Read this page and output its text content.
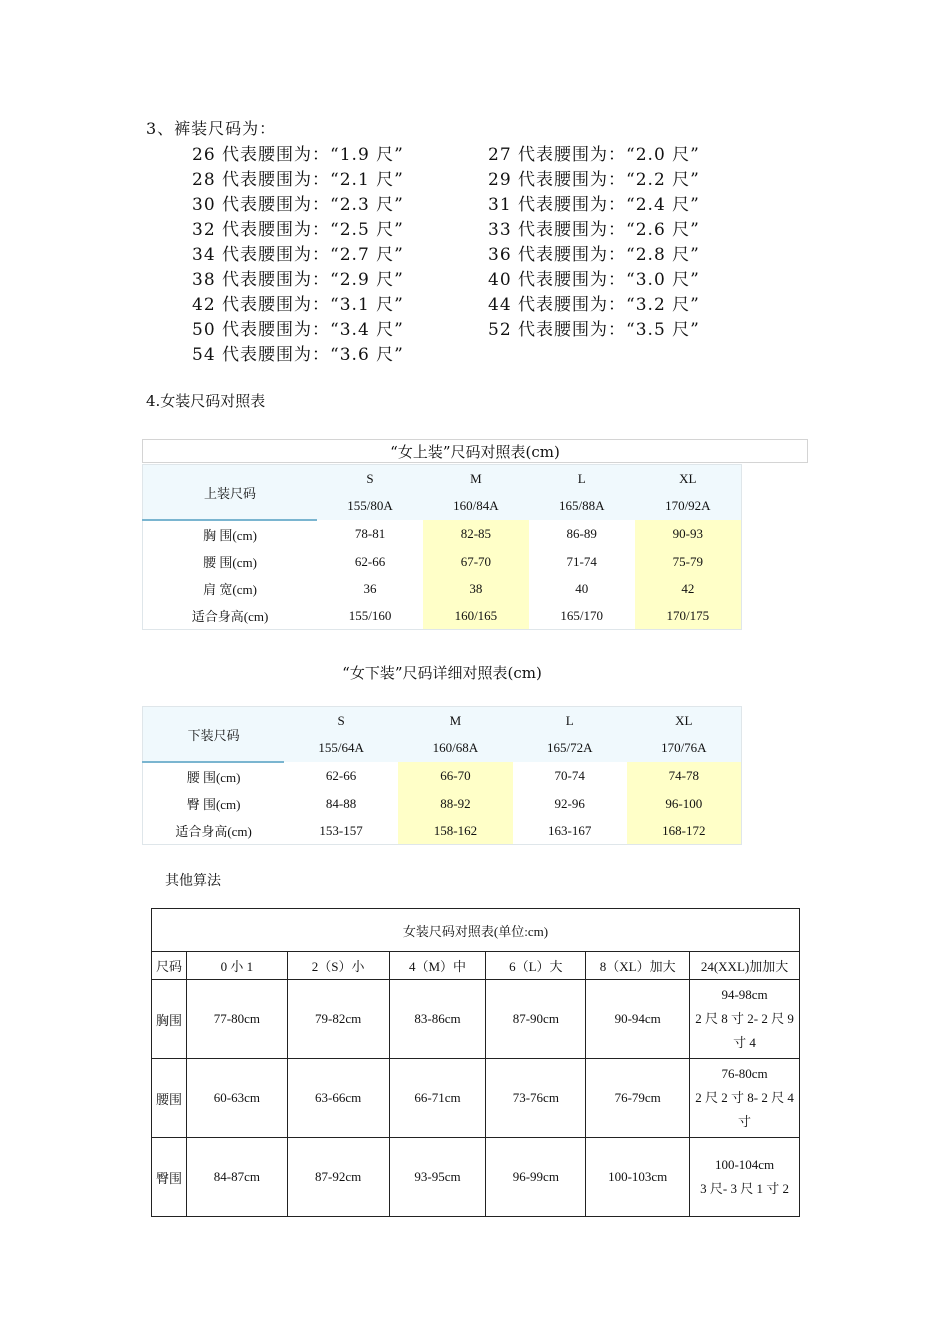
3、裤装尺码为：
26 代表腰围为：“1.9 尺”	27 代表腰围为：“2.0 尺”
28 代表腰围为：“2.1 尺”	29 代表腰围为：“2.2 尺”
30 代表腰围为：“2.3 尺”	31 代表腰围为：“2.4 尺”
32 代表腰围为：“2.5 尺”	33 代表腰围为：“2.6 尺”
34 代表腰围为：“2.7 尺”	36 代表腰围为：“2.8 尺”
38 代表腰围为：“2.9 尺”	40 代表腰围为：“3.0 尺”
42 代表腰围为：“3.1 尺”	44 代表腰围为：“3.2 尺”
50 代表腰围为：“3.4 尺”	52 代表腰围为：“3.5 尺”
54 代表腰围为：“3.6 尺”
4.女装尺码对照表
“女上装”尺码对照表(cm)
上装尺码	S	M	L	XL
	155/80A	160/84A	165/88A	170/92A
胸 围(cm)	78-81	82-85	86-89	90-93
腰 围(cm)	62-66	67-70	71-74	75-79
肩 宽(cm)	36	38	40	42
适合身高(cm)	155/160	160/165	165/170	170/175
“女下装”尺码详细对照表(cm)
下装尺码	S	M	L	XL
	155/64A	160/68A	165/72A	170/76A
腰 围(cm)	62-66	66-70	70-74	74-78
臀 围(cm)	84-88	88-92	92-96	96-100
适合身高(cm)	153-157	158-162	163-167	168-172
其他算法
女装尺码对照表(单位:cm)						
尺码	0 小 1	2（S）小	4（M）中	6（L）大	8（XL）加大	24(XXL)加加大
胸围	77-80cm	79-82cm	83-86cm	87-90cm	90-94cm	94-98cm
2 尺 8 寸 2- 2 尺 9
寸 4

腰围	60-63cm	63-66cm	66-71cm	73-76cm	76-79cm	76-80cm
2 尺 2 寸 8- 2 尺 4
寸

臀围	84-87cm	87-92cm	93-95cm	96-99cm	100-103cm	100-104cm
3 尺- 3 尺 1 寸 2
